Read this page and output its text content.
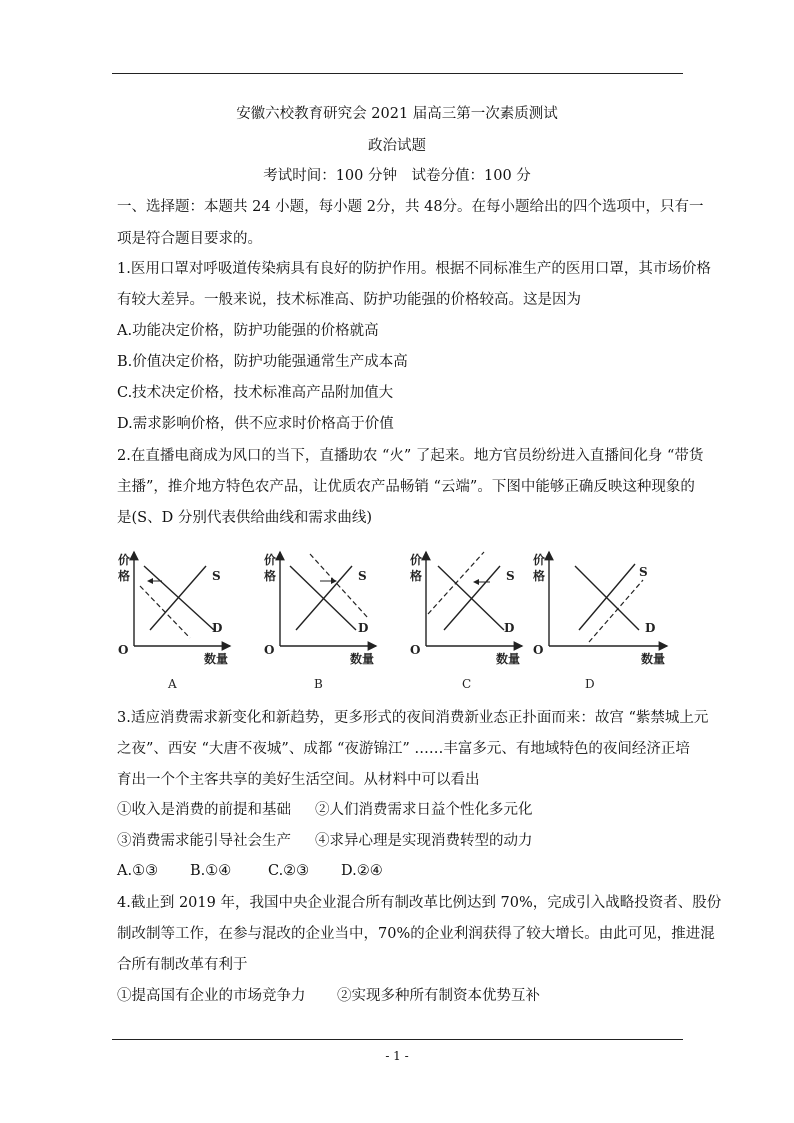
安徽六校教育研究会 2021 届高三第一次素质测试
政治试题
考试时间：100 分钟　试卷分值：100 分
一、选择题：本题共 24 小题，每小题 2分，共 48分。在每小题给出的四个选项中，只有一
项是符合题目要求的。
1.医用口罩对呼吸道传染病具有良好的防护作用。根据不同标准生产的医用口罩，其市场价格
有较大差异。一般来说，技术标准高、防护功能强的价格较高。这是因为
A.功能决定价格，防护功能强的价格就高
B.价值决定价格，防护功能强通常生产成本高
C.技术决定价格，技术标准高产品附加值大
D.需求影响价格，供不应求时价格高于价值
2.在直播电商成为风口的当下，直播助农 “火” 了起来。地方官员纷纷进入直播间化身 “带货
主播”，推介地方特色农产品，让优质农产品畅销 “云端”。下图中能够正确反映这种现象的
是(S、D 分别代表供给曲线和需求曲线)
价
格
O
数量
S
D
A
价
格
O
数量
S
D
B
价
格
O
数量
S
D
C
价
格
O
数量
S
D
D
3.适应消费需求新变化和新趋势，更多形式的夜间消费新业态正扑面而来：故宫 “紫禁城上元
之夜”、西安 “大唐不夜城”、成都 “夜游锦江” ……丰富多元、有地域特色的夜间经济正培
育出一个个主客共享的美好生活空间。从材料中可以看出
①收入是消费的前提和基础 ②人们消费需求日益个性化多元化
③消费需求能引导社会生产 ④求异心理是实现消费转型的动力
A.①③ B.①④	C.②③ D.②④
4.截止到 2019 年，我国中央企业混合所有制改革比例达到 70%，完成引入战略投资者、股份
制改制等工作，在参与混改的企业当中，70%的企业利润获得了较大增长。由此可见，推进混
合所有制改革有利于
①提高国有企业的市场竞争力 ②实现多种所有制资本优势互补
- 1 -
